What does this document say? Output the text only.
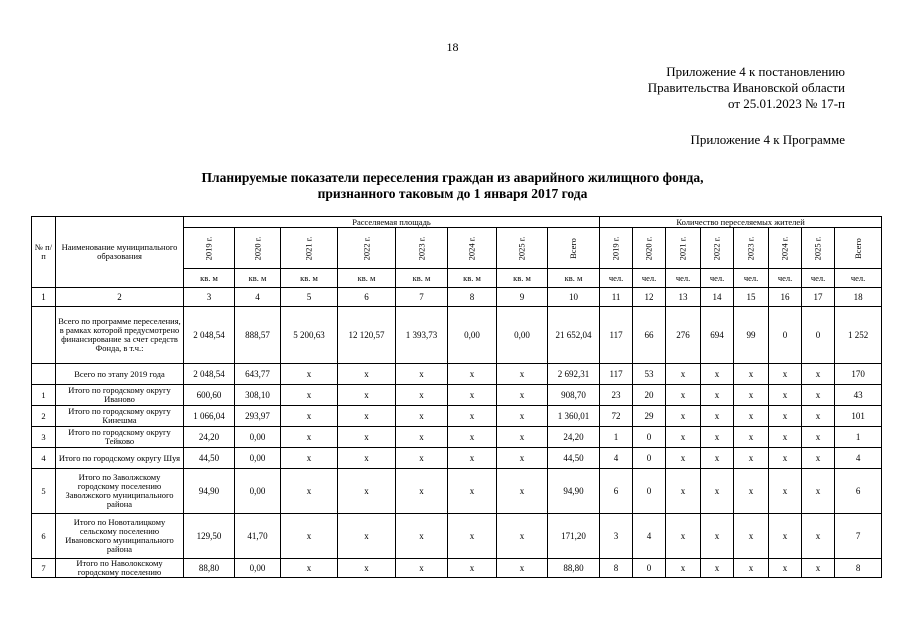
18
Приложение 4 к постановлению
Правительства Ивановской области
от 25.01.2023 № 17-п
Приложение 4 к Программе
Планируемые показатели переселения граждан из аварийного жилищного фонда,
признанного таковым до 1 января 2017 года
№ п/п	Наименование муниципального образования	Расселяемая площадь								Количество переселяемых жителей							
		2019 г.	2020 г.	2021 г.	2022 г.	2023 г.	2024 г.	2025 г.	Всего	2019 г.	2020 г.	2021 г.	2022 г.	2023 г.	2024 г.	2025 г.	Всего
		кв. м	кв. м	кв. м	кв. м	кв. м	кв. м	кв. м	кв. м	чел.	чел.	чел.	чел.	чел.	чел.	чел.	чел.
1	2	3	4	5	6	7	8	9	10	11	12	13	14	15	16	17	18
	Всего по программе переселения, в рамках которой предусмотрено финансирование за счет средств Фонда, в т.ч.:	2 048,54	888,57	5 200,63	12 120,57	1 393,73	0,00	0,00	21 652,04	117	66	276	694	99	0	0	1 252
	Всего по этапу 2019 года	2 048,54	643,77	x	x	x	x	x	2 692,31	117	53	x	x	x	x	x	170
1	Итого по городскому округу Иваново	600,60	308,10	x	x	x	x	x	908,70	23	20	x	x	x	x	x	43
2	Итого по городскому округу Кинешма	1 066,04	293,97	x	x	x	x	x	1 360,01	72	29	x	x	x	x	x	101
3	Итого по городскому округу Тейково	24,20	0,00	x	x	x	x	x	24,20	1	0	x	x	x	x	x	1
4	Итого по городскому округу Шуя	44,50	0,00	x	x	x	x	x	44,50	4	0	x	x	x	x	x	4
5	Итого по Заволжскому городскому поселению Заволжского муниципального района	94,90	0,00	x	x	x	x	x	94,90	6	0	x	x	x	x	x	6
6	Итого по Новоталицкому сельскому поселению Ивановского муниципального района	129,50	41,70	x	x	x	x	x	171,20	3	4	x	x	x	x	x	7
7	Итого по Наволокскому городскому поселению	88,80	0,00	x	x	x	x	x	88,80	8	0	x	x	x	x	x	8
